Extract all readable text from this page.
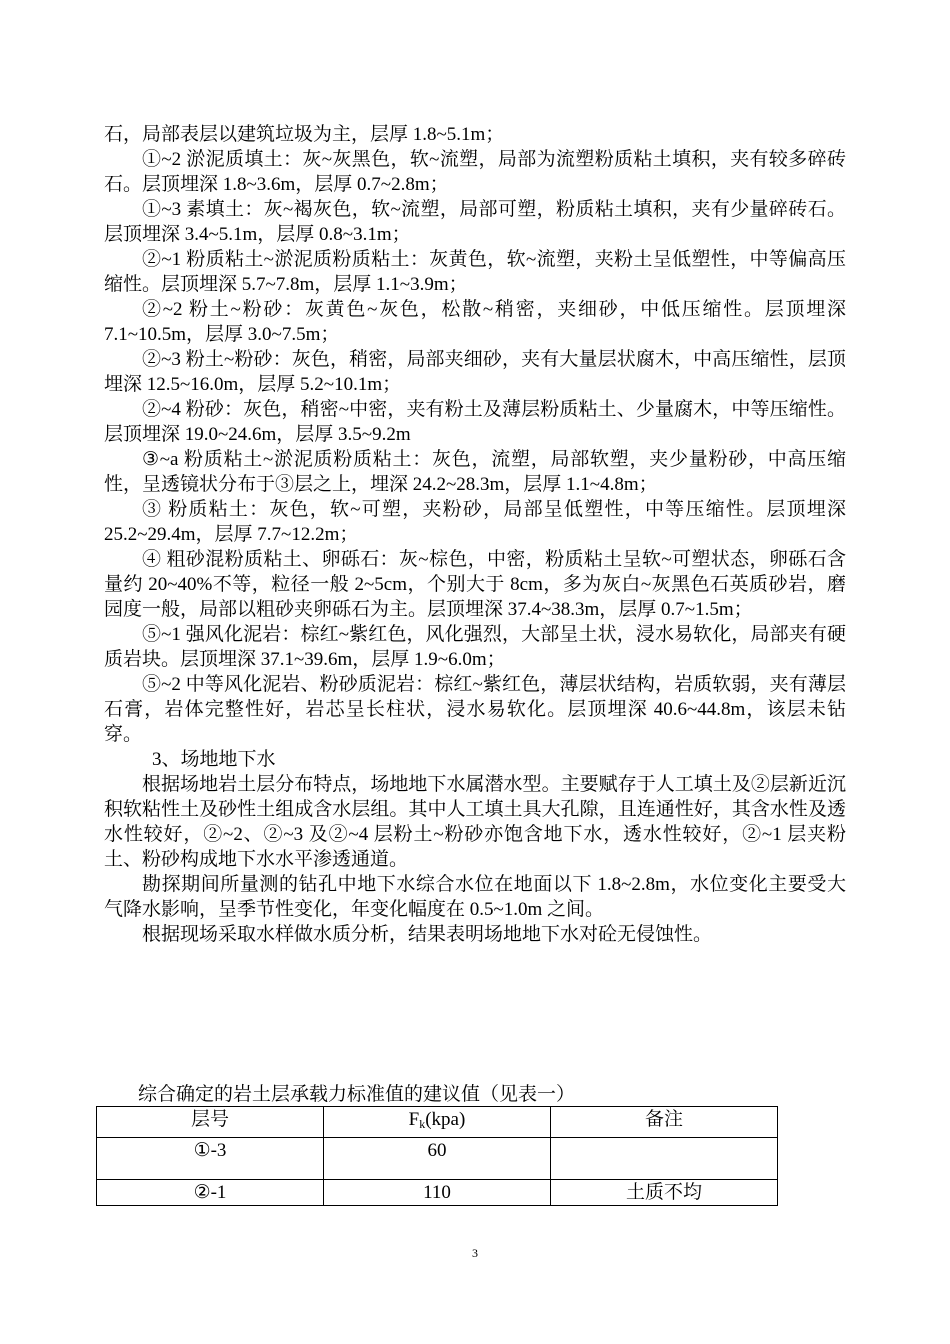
石，局部表层以建筑垃圾为主，层厚 1.8~5.1m；

①~2 淤泥质填土：灰~灰黑色，软~流塑，局部为流塑粉质粘土填积，夹有较多碎砖石。层顶埋深 1.8~3.6m，层厚 0.7~2.8m；

①~3 素填土：灰~褐灰色，软~流塑，局部可塑，粉质粘土填积，夹有少量碎砖石。层顶埋深 3.4~5.1m，层厚 0.8~3.1m；

②~1 粉质粘土~淤泥质粉质粘土：灰黄色，软~流塑，夹粉土呈低塑性，中等偏高压缩性。层顶埋深 5.7~7.8m，层厚 1.1~3.9m；

②~2 粉土~粉砂：灰黄色~灰色，松散~稍密，夹细砂，中低压缩性。层顶埋深 7.1~10.5m，层厚 3.0~7.5m；

②~3 粉土~粉砂：灰色，稍密，局部夹细砂，夹有大量层状腐木，中高压缩性，层顶埋深 12.5~16.0m，层厚 5.2~10.1m；

②~4 粉砂：灰色，稍密~中密，夹有粉土及薄层粉质粘土、少量腐木，中等压缩性。层顶埋深 19.0~24.6m，层厚 3.5~9.2m

③~a 粉质粘土~淤泥质粉质粘土：灰色，流塑，局部软塑，夹少量粉砂，中高压缩性，呈透镜状分布于③层之上，埋深 24.2~28.3m，层厚 1.1~4.8m；

③ 粉质粘土：灰色，软~可塑，夹粉砂，局部呈低塑性，中等压缩性。层顶埋深 25.2~29.4m，层厚 7.7~12.2m；

④ 粗砂混粉质粘土、卵砾石：灰~棕色，中密，粉质粘土呈软~可塑状态，卵砾石含量约 20~40%不等，粒径一般 2~5cm，个别大于 8cm，多为灰白~灰黑色石英质砂岩，磨园度一般，局部以粗砂夹卵砾石为主。层顶埋深 37.4~38.3m，层厚 0.7~1.5m；

⑤~1 强风化泥岩：棕红~紫红色，风化强烈，大部呈土状，浸水易软化，局部夹有硬质岩块。层顶埋深 37.1~39.6m，层厚 1.9~6.0m；

⑤~2 中等风化泥岩、粉砂质泥岩：棕红~紫红色，薄层状结构，岩质软弱，夹有薄层石膏，岩体完整性好，岩芯呈长柱状，浸水易软化。层顶埋深 40.6~44.8m，该层未钻穿。

3、场地地下水

根据场地岩土层分布特点，场地地下水属潜水型。主要赋存于人工填土及②层新近沉积软粘性土及砂性土组成含水层组。其中人工填土具大孔隙，且连通性好，其含水性及透水性较好，②~2、②~3 及②~4 层粉土~粉砂亦饱含地下水，透水性较好，②~1 层夹粉土、粉砂构成地下水水平渗透通道。

勘探期间所量测的钻孔中地下水综合水位在地面以下 1.8~2.8m，水位变化主要受大气降水影响，呈季节性变化，年变化幅度在 0.5~1.0m 之间。

根据现场采取水样做水质分析，结果表明场地地下水对砼无侵蚀性。

综合确定的岩土层承载力标准值的建议值（见表一）
层号	$F_k(kpa)$	备注
①-3	60	
②-1	110	土质不均
3
